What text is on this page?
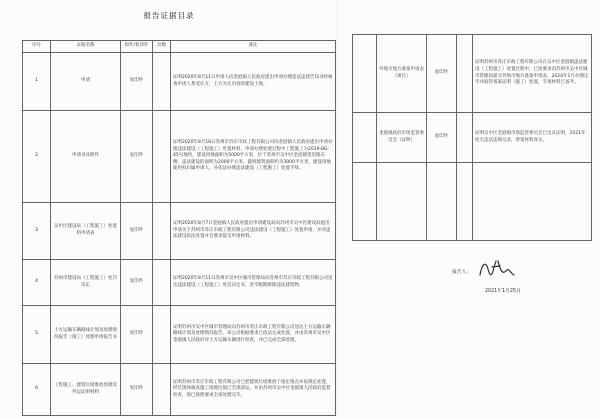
报告证据目录
序号	证据名称	原件/复印件	页数	备注
1	申请	复印件		证明2020年8月11日申请人向金庭镇人民政府提出申请办理违法违建告知书经核查申请人系受让方，土方为无内容的建设土地。
2	申请书及附件	复印件		证明2020年8月18日苏州市苏庄市政工程有限公司向金庭镇人民政府提出申请办理违法建设（工程施工）处置材料，申请办理处置过程中工程施工为2019-8G-45号地块，建设用地面积为5000平方米，位于苏州市吴中区金庭镇堂里路东侧，违法建设的面积为2000平方米，最终建筑面积约为3000平方米，建设用地使用权归属申请人，并依法办理违法建设（工程施工）处置手续。
3	吴中区建设局（工程施工）处置料申请表	复印件		证明2020年8月7日金庭镇人民政府提出申请建设局向苏州市吴中区建设局提出申请关于苏州市苏庄市政工程有限公司违法建设（工程施工）处置申请，并对违法建设依法处置并且要求提交申请材料。
4	苏州市建设局（工程施工）处罚决定	复印件		证明2020年8月11日苏州市吴中区城市管理局向苏州市苏庄市政工程有限公司送达违法建设（工程施工）处罚决定书，责令限期拆除违法建筑物。
5	土方运输车辆路线计划及处理情况报告（施工）处理申请报告书	复印件		证明苏州市吴中区城市管理局向苏州市苏庄市政工程有限公司送达土方运输车辆路线计划及处理情况报告，该公司根据要求已依法完成处置，并由苏州市吴中区金庭镇人民政府对土方运输车辆进行检查，并已完成全部处理。
6	工程施工、建筑垃圾堆放处理及外运证明材料	复印件		证明苏州市苏庄市政工程有限公司已把建筑垃圾堆放于指定地点并按规定处置，经过现场核查施工场地垃圾已全部清运，并由苏州市吴中区金庭镇人民政府监督检查，现已按照要求全部处理完毕。
	外地市地方备案申请表（项目）	复印件		证明苏州市苏庄市政工程有限公司在吴中区金庭镇违法建设（工程施工）处置过程中，已按要求向苏州市吴中区城市管理局提交外地市地方备案申请表，2024年1月办理完毕并取得备案证明（施工）处置，专项材料已备齐。
	金庭镇政府市场监管委员会（证明）	复印件		证明吴中区金庭镇市场监管委员会已出具证明，2021年度无违法违规记录，涉案材料真实。

报告人：
2021年1月25日
